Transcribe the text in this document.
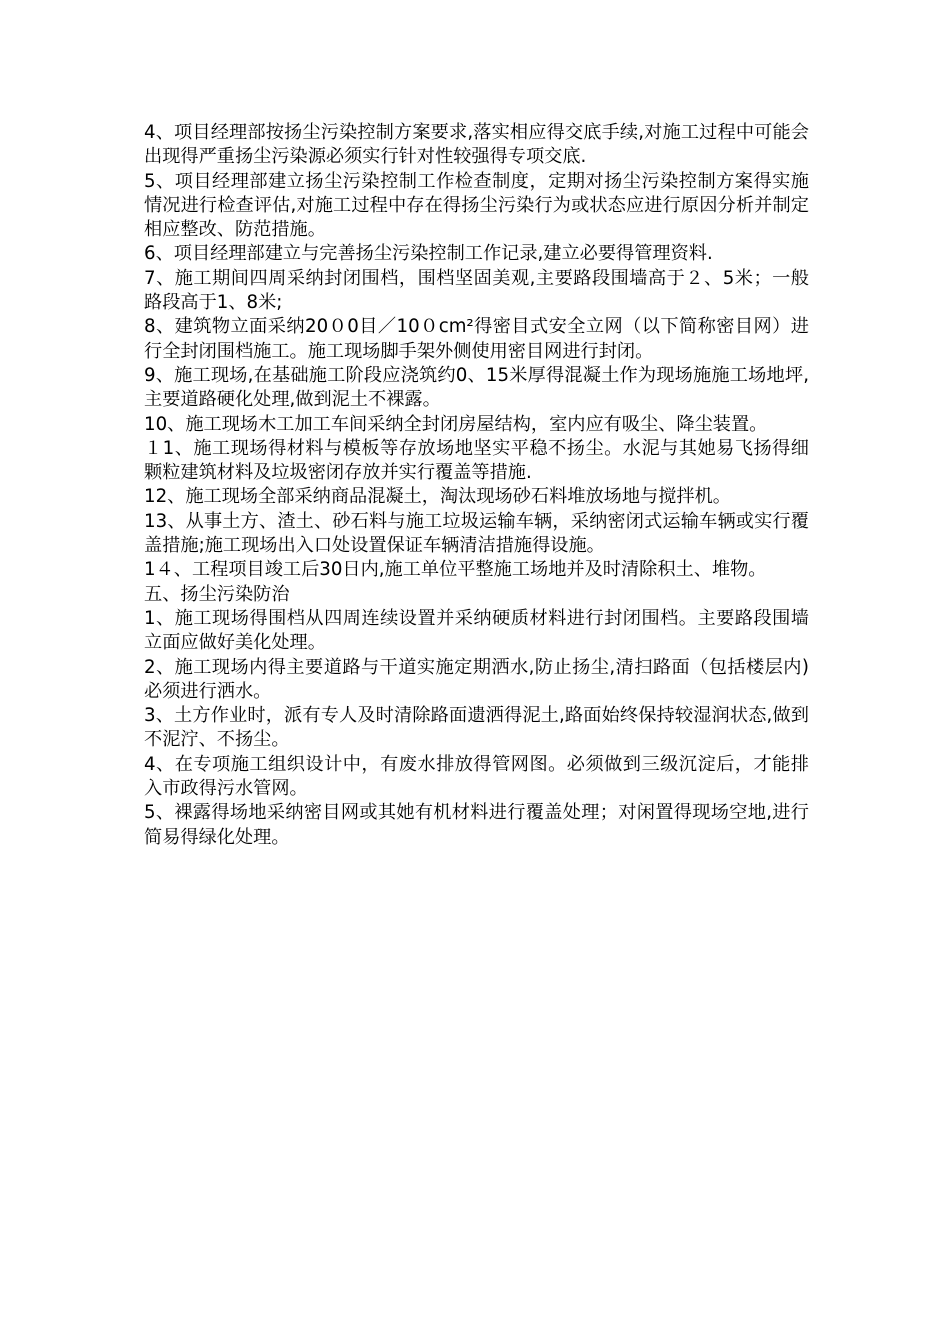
4、项目经理部按扬尘污染控制方案要求,落实相应得交底手续,对施工过程中可能会出现得严重扬尘污染源必须实行针对性较强得专项交底.

5、项目经理部建立扬尘污染控制工作检查制度，定期对扬尘污染控制方案得实施情况进行检查评估,对施工过程中存在得扬尘污染行为或状态应进行原因分析并制定相应整改、防范措施。

6、项目经理部建立与完善扬尘污染控制工作记录,建立必要得管理资料.

7、施工期间四周采纳封闭围档，围档坚固美观,主要路段围墙高于２、5米；一般路段高于1、8米;

8、建筑物立面采纳20０0目／10０cm²得密目式安全立网（以下简称密目网）进行全封闭围档施工。施工现场脚手架外侧使用密目网进行封闭。

9、施工现场,在基础施工阶段应浇筑约0、15米厚得混凝土作为现场施施工场地坪,主要道路硬化处理,做到泥土不裸露。

10、施工现场木工加工车间采纳全封闭房屋结构，室内应有吸尘、降尘装置。

１1、施工现场得材料与模板等存放场地坚实平稳不扬尘。水泥与其她易飞扬得细颗粒建筑材料及垃圾密闭存放并实行覆盖等措施.

12、施工现场全部采纳商品混凝土，淘汰现场砂石料堆放场地与搅拌机。

13、从事土方、渣土、砂石料与施工垃圾运输车辆，采纳密闭式运输车辆或实行覆盖措施;施工现场出入口处设置保证车辆清洁措施得设施。

1４、工程项目竣工后30日内,施工单位平整施工场地并及时清除积土、堆物。

五、扬尘污染防治

1、施工现场得围档从四周连续设置并采纳硬质材料进行封闭围档。主要路段围墙立面应做好美化处理。

2、施工现场内得主要道路与干道实施定期洒水,防止扬尘,清扫路面（包括楼层内)必须进行洒水。

3、土方作业时，派有专人及时清除路面遗洒得泥土,路面始终保持较湿润状态,做到不泥泞、不扬尘。

4、在专项施工组织设计中，有废水排放得管网图。必须做到三级沉淀后，才能排入市政得污水管网。

5、裸露得场地采纳密目网或其她有机材料进行覆盖处理；对闲置得现场空地,进行简易得绿化处理。
